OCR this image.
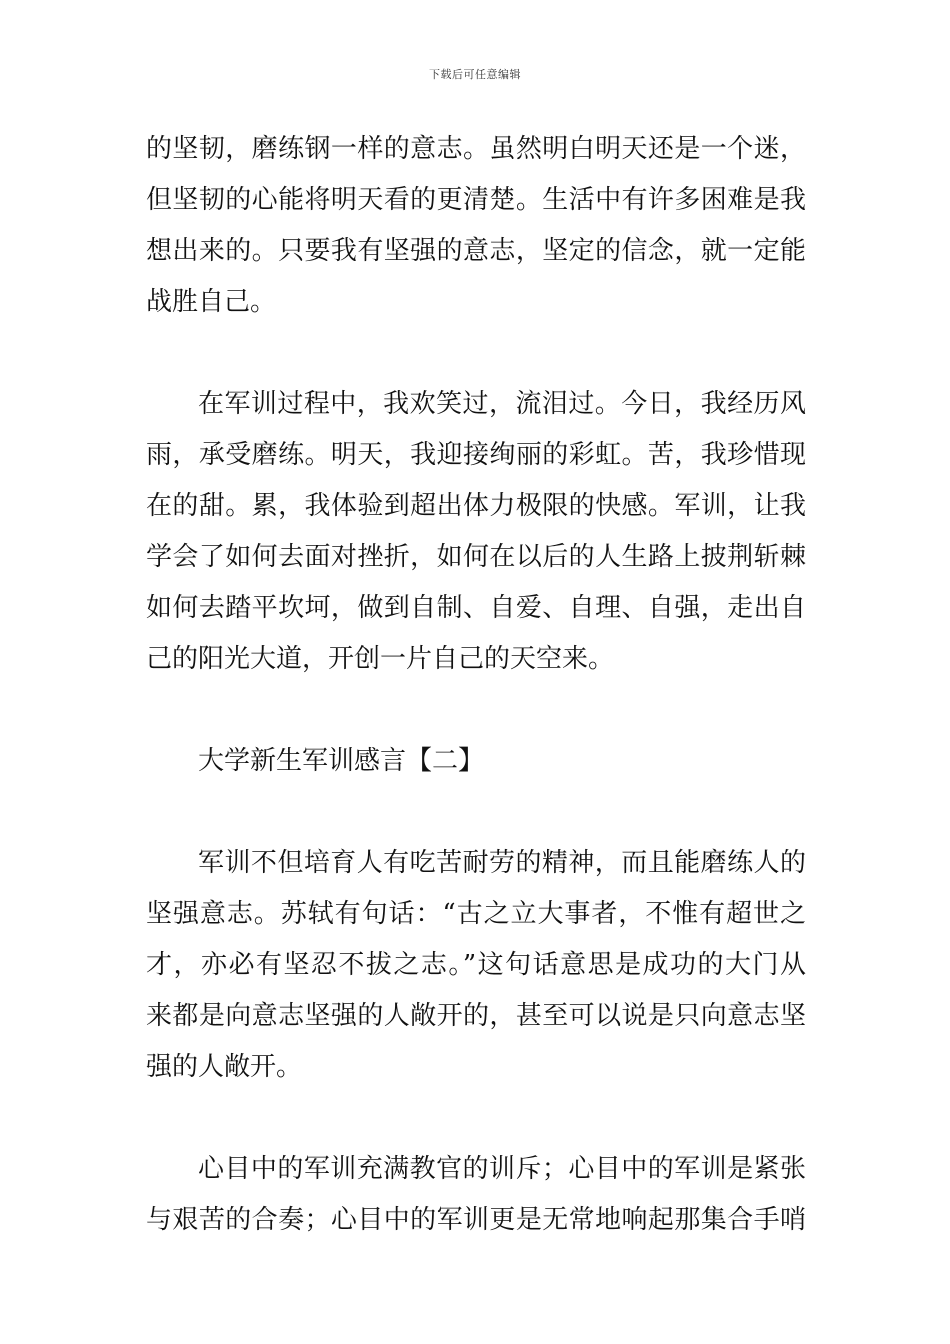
下载后可任意编辑
的坚韧，磨练钢一样的意志。虽然明白明天还是一个迷，
但坚韧的心能将明天看的更清楚。生活中有许多困难是我
想出来的。只要我有坚强的意志，坚定的信念，就一定能
战胜自己。
在军训过程中，我欢笑过，流泪过。今日，我经历风
雨，承受磨练。明天，我迎接绚丽的彩虹。苦，我珍惜现
在的甜。累，我体验到超出体力极限的快感。军训，让我
学会了如何去面对挫折，如何在以后的人生路上披荆斩棘
如何去踏平坎坷，做到自制、自爱、自理、自强，走出自
己的阳光大道，开创一片自己的天空来。
大学新生军训感言【二】
军训不但培育人有吃苦耐劳的精神，而且能磨练人的
坚强意志。苏轼有句话：“古之立大事者，不惟有超世之
才，亦必有坚忍不拔之志。”这句话意思是成功的大门从
来都是向意志坚强的人敞开的，甚至可以说是只向意志坚
强的人敞开。
心目中的军训充满教官的训斥；心目中的军训是紧张
与艰苦的合奏；心目中的军训更是无常地响起那集合手哨
